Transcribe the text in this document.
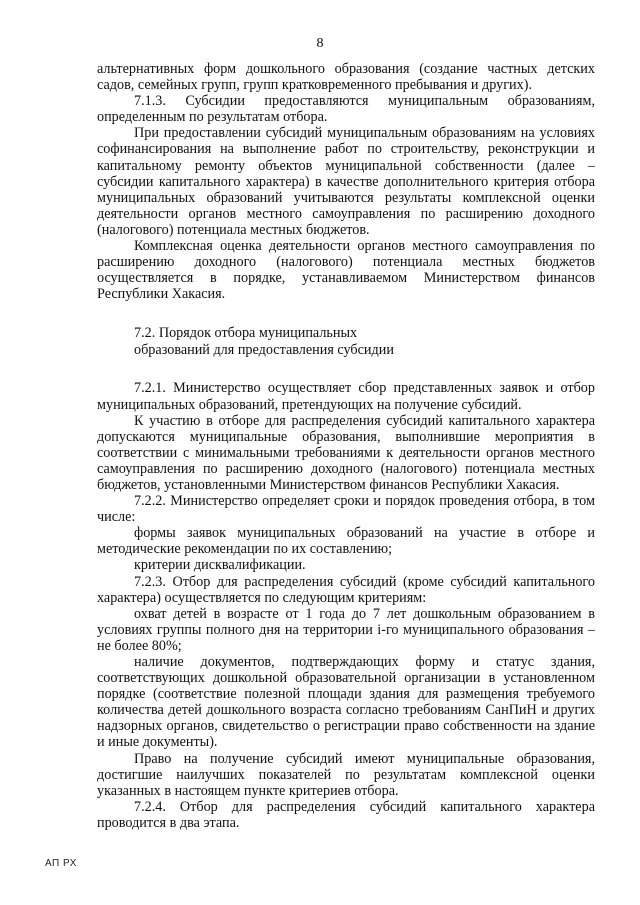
8

альтернативных форм дошкольного образования (создание частных детских садов, семейных групп, групп кратковременного пребывания и других).

7.1.3. Субсидии предоставляются муниципальным образованиям, определенным по результатам отбора.

При предоставлении субсидий муниципальным образованиям на условиях софинансирования на выполнение работ по строительству, реконструкции и капитальному ремонту объектов муниципальной собственности (далее – субсидии капитального характера) в качестве дополнительного критерия отбора муниципальных образований учитываются результаты комплексной оценки деятельности органов местного самоуправления по расширению доходного (налогового) потенциала местных бюджетов.

Комплексная оценка деятельности органов местного самоуправления по расширению доходного (налогового) потенциала местных бюджетов осуществляется в порядке, устанавливаемом Министерством финансов Республики Хакасия.

7.2. Порядок отбора муниципальных
образований для предоставления субсидии

7.2.1. Министерство осуществляет сбор представленных заявок и отбор муниципальных образований, претендующих на получение субсидий.

К участию в отборе для распределения субсидий капитального характера допускаются муниципальные образования, выполнившие мероприятия в соответствии с минимальными требованиями к деятельности органов местного самоуправления по расширению доходного (налогового) потенциала местных бюджетов, установленными Министерством финансов Республики Хакасия.

7.2.2. Министерство определяет сроки и порядок проведения отбора, в том числе:

формы заявок муниципальных образований на участие в отборе и методические рекомендации по их составлению;

критерии дисквалификации.

7.2.3. Отбор для распределения субсидий (кроме субсидий капитального характера) осуществляется по следующим критериям:

охват детей в возрасте от 1 года до 7 лет дошкольным образованием в условиях группы полного дня на территории i-го муниципального образования – не более 80%;

наличие документов, подтверждающих форму и статус здания, соответствующих дошкольной образовательной организации в установленном порядке (соответствие полезной площади здания для размещения требуемого количества детей дошкольного возраста согласно требованиям СанПиН и других надзорных органов, свидетельство о регистрации право собственности на здание и иные документы).

Право на получение субсидий имеют муниципальные образования, достигшие наилучших показателей по результатам комплексной оценки указанных в настоящем пункте критериев отбора.

7.2.4. Отбор для распределения субсидий капитального характера проводится в два этапа.

АП РХ
